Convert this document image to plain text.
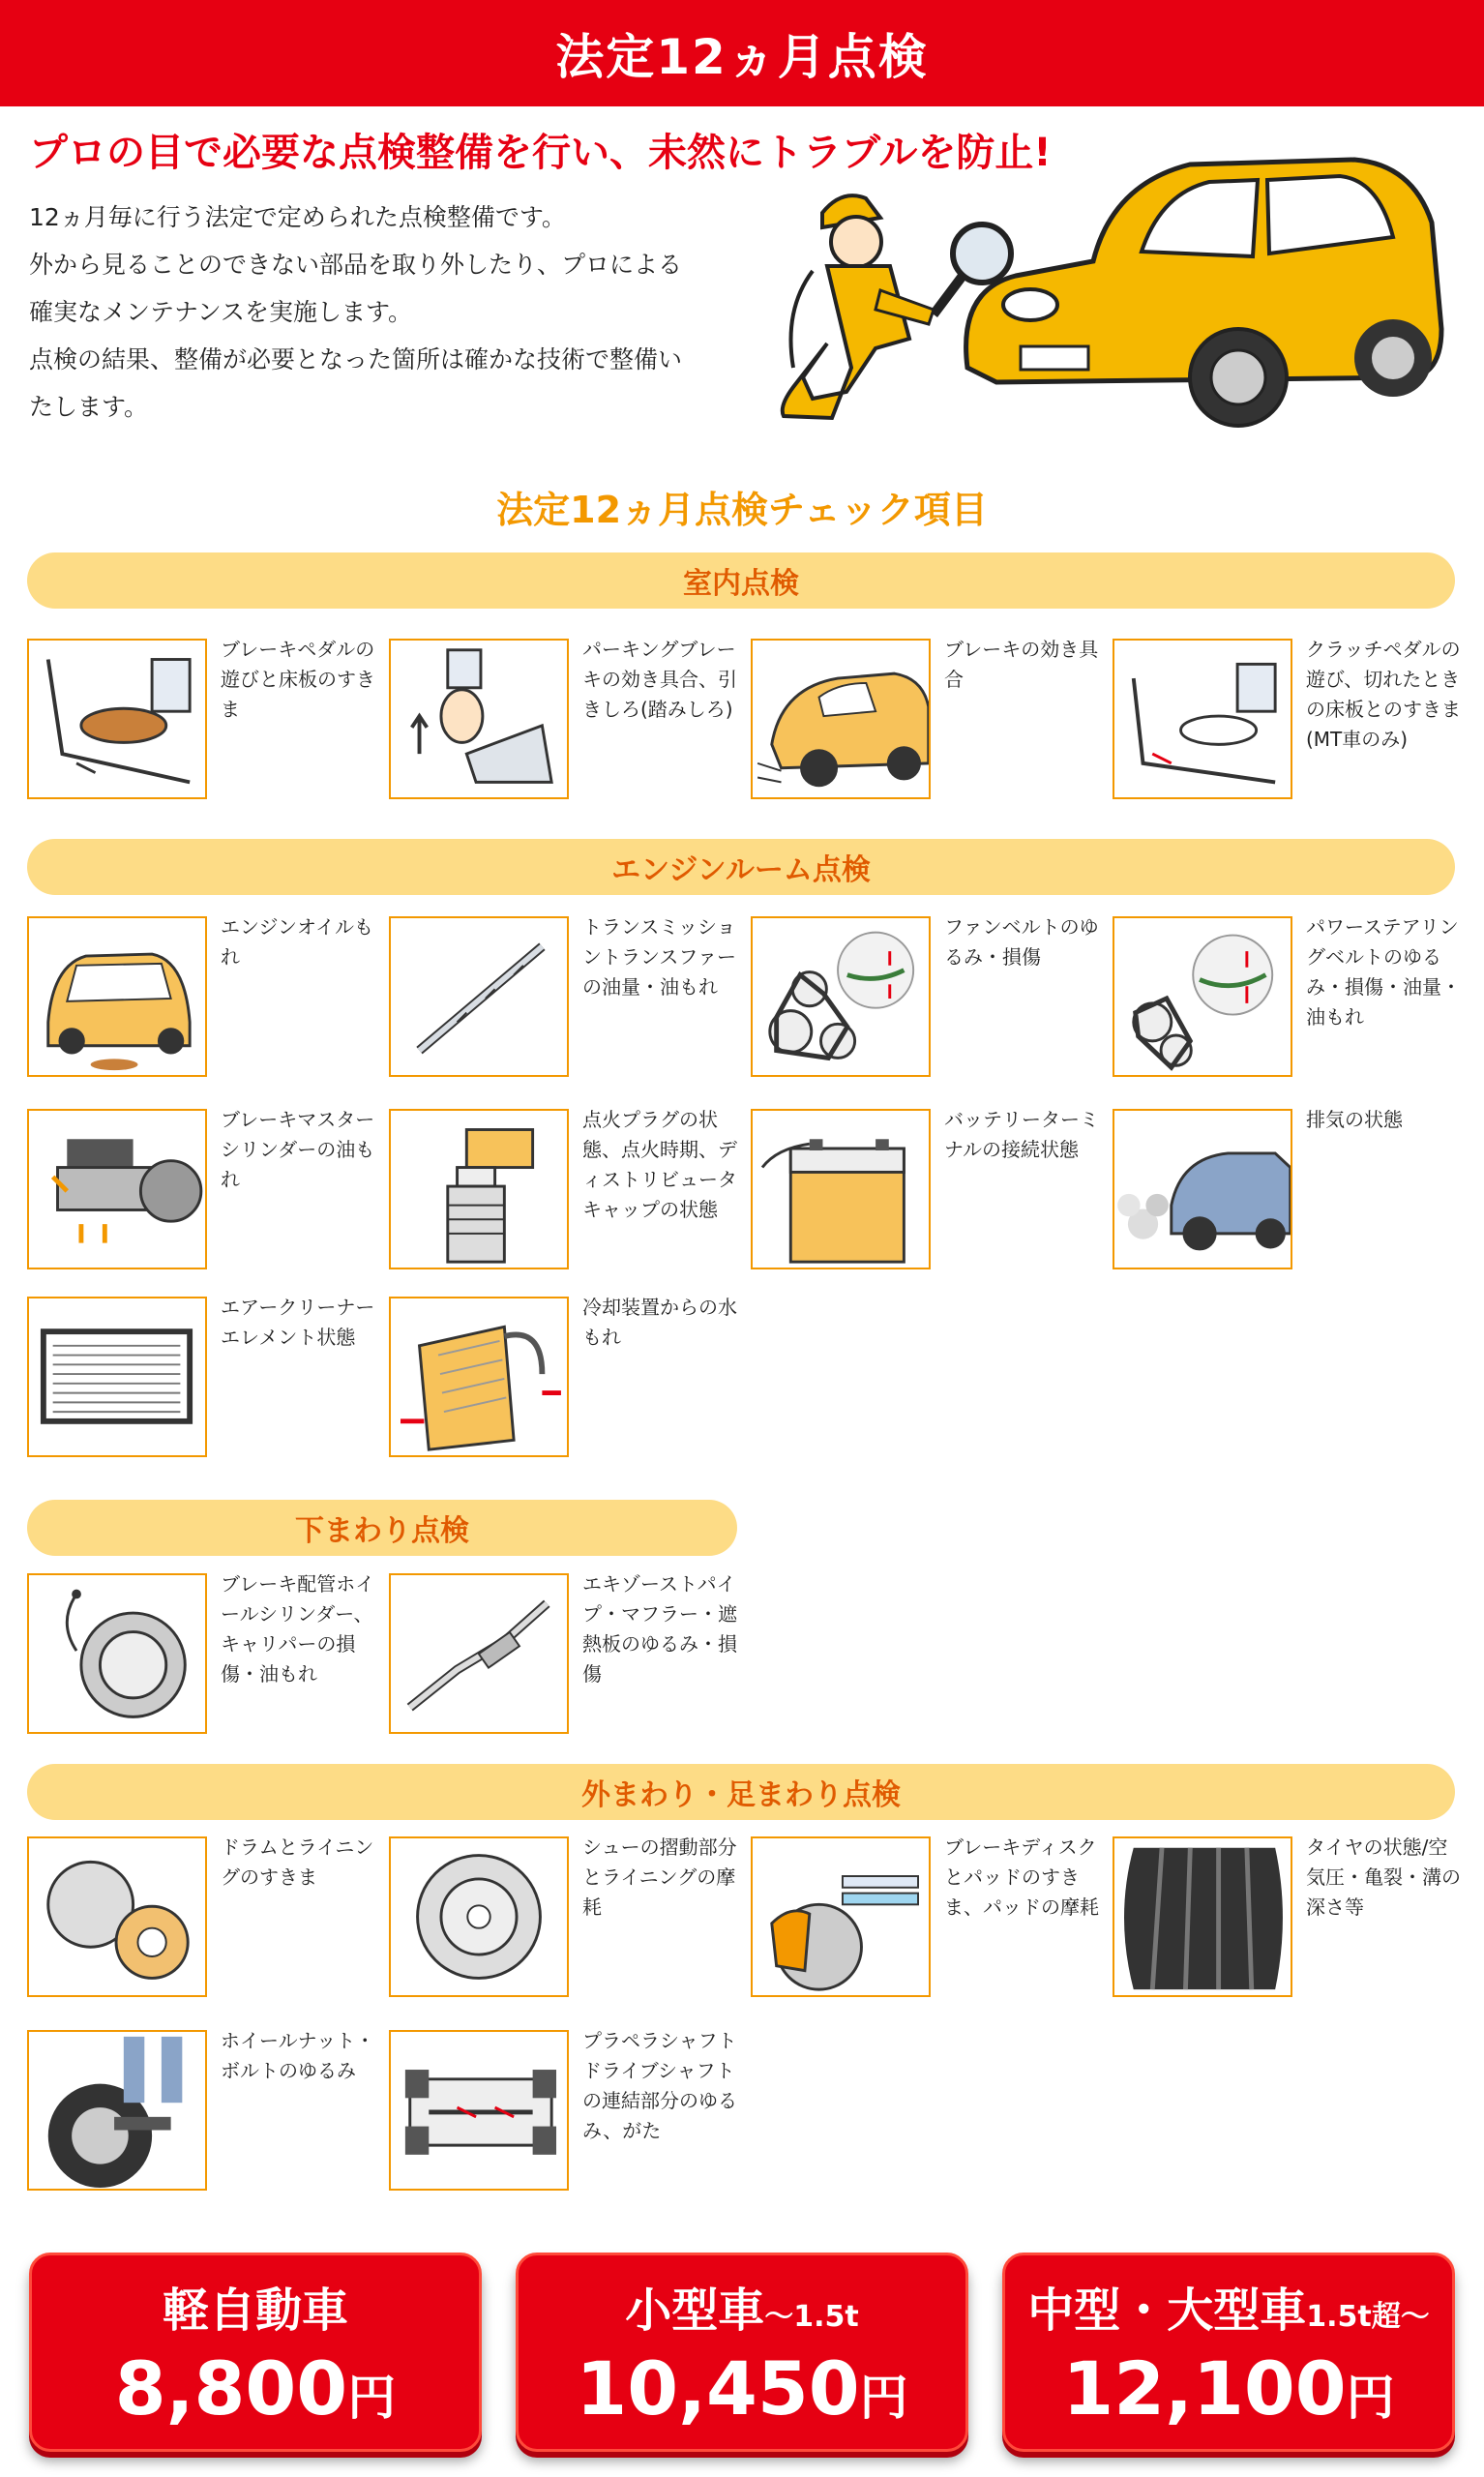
法定12ヵ月点検
プロの目で必要な点検整備を行い、未然にトラブルを防止!

12ヵ月毎に行う法定で定められた点検整備です。

外から見ることのできない部品を取り外したり、プロによる

確実なメンテナンスを実施します。

点検の結果、整備が必要となった箇所は確かな技術で整備い

たします。

法定12ヵ月点検チェック項目
室内点検
ブレーキペダルの遊びと床板のすきま
パーキングブレーキの効き具合、引きしろ(踏みしろ)
ブレーキの効き具合
クラッチペダルの遊び、切れたときの床板とのすきま(MT車のみ)
エンジンルーム点検
エンジンオイルもれ
トランスミッショントランスファーの油量・油もれ
ファンベルトのゆるみ・損傷
パワーステアリングベルトのゆるみ・損傷・油量・油もれ
ブレーキマスターシリンダーの油もれ
点火プラグの状態、点火時期、ディストリビュータキャップの状態
バッテリーターミナルの接続状態
排気の状態
エアークリーナーエレメント状態
冷却装置からの水もれ
下まわり点検
ブレーキ配管ホイールシリンダー、キャリパーの損傷・油もれ
エキゾーストパイプ・マフラー・遮熱板のゆるみ・損傷
外まわり・足まわり点検
ドラムとライニングのすきま
シューの摺動部分とライニングの摩耗
ブレーキディスクとパッドのすきま、パッドの摩耗
タイヤの状態/空気圧・亀裂・溝の深さ等
ホイールナット・ボルトのゆるみ
プラペラシャフトドライブシャフトの連結部分のゆるみ、がた
軽自動車
8,800円
小型車〜1.5t
10,450円
中型・大型車1.5t超〜
12,100円
